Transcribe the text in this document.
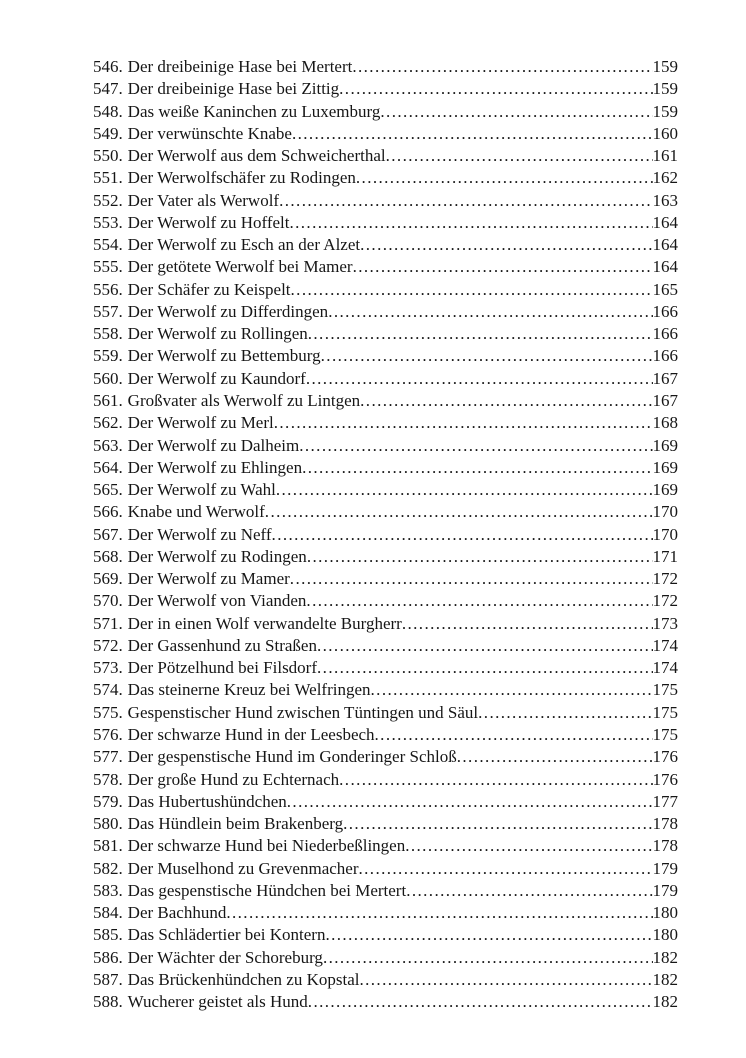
546. Der dreibeinige Hase bei Mertert .....	159
547. Der dreibeinige Hase bei Zittig .....	159
548. Das weiße Kaninchen zu Luxemburg .....	159
549. Der verwünschte Knabe .....	160
550. Der Werwolf aus dem Schweicherthal .....	161
551. Der Werwolfschäfer zu Rodingen .....	162
552. Der Vater als Werwolf .....	163
553. Der Werwolf zu Hoffelt .....	164
554. Der Werwolf zu Esch an der Alzet .....	164
555. Der getötete Werwolf bei Mamer .....	164
556. Der Schäfer zu Keispelt .....	165
557. Der Werwolf zu Differdingen .....	166
558. Der Werwolf zu Rollingen .....	166
559. Der Werwolf zu Bettemburg .....	166
560. Der Werwolf zu Kaundorf .....	167
561. Großvater als Werwolf zu Lintgen .....	167
562. Der Werwolf zu Merl .....	168
563. Der Werwolf zu Dalheim .....	169
564. Der Werwolf zu Ehlingen .....	169
565. Der Werwolf zu Wahl .....	169
566. Knabe und Werwolf .....	170
567. Der Werwolf zu Neff .....	170
568. Der Werwolf zu Rodingen .....	171
569. Der Werwolf zu Mamer .....	172
570. Der Werwolf von Vianden .....	172
571. Der in einen Wolf verwandelte Burgherr .....	173
572. Der Gassenhund zu Straßen .....	174
573. Der Pötzelhund bei Filsdorf .....	174
574. Das steinerne Kreuz bei Welfringen .....	175
575. Gespenstischer Hund zwischen Tüntingen und Säul .....	175
576. Der schwarze Hund in der Leesbech .....	175
577. Der gespenstische Hund im Gonderinger Schloß .....	176
578. Der große Hund zu Echternach .....	176
579. Das Hubertushündchen .....	177
580. Das Hündlein beim Brakenberg .....	178
581. Der schwarze Hund bei Niederbeßlingen .....	178
582. Der Muselhond zu Grevenmacher .....	179
583. Das gespenstische Hündchen bei Mertert .....	179
584. Der Bachhund .....	180
585. Das Schlädertier bei Kontern .....	180
586. Der Wächter der Schoreburg .....	182
587. Das Brückenhündchen zu Kopstal .....	182
588. Wucherer geistet als Hund .....	182
